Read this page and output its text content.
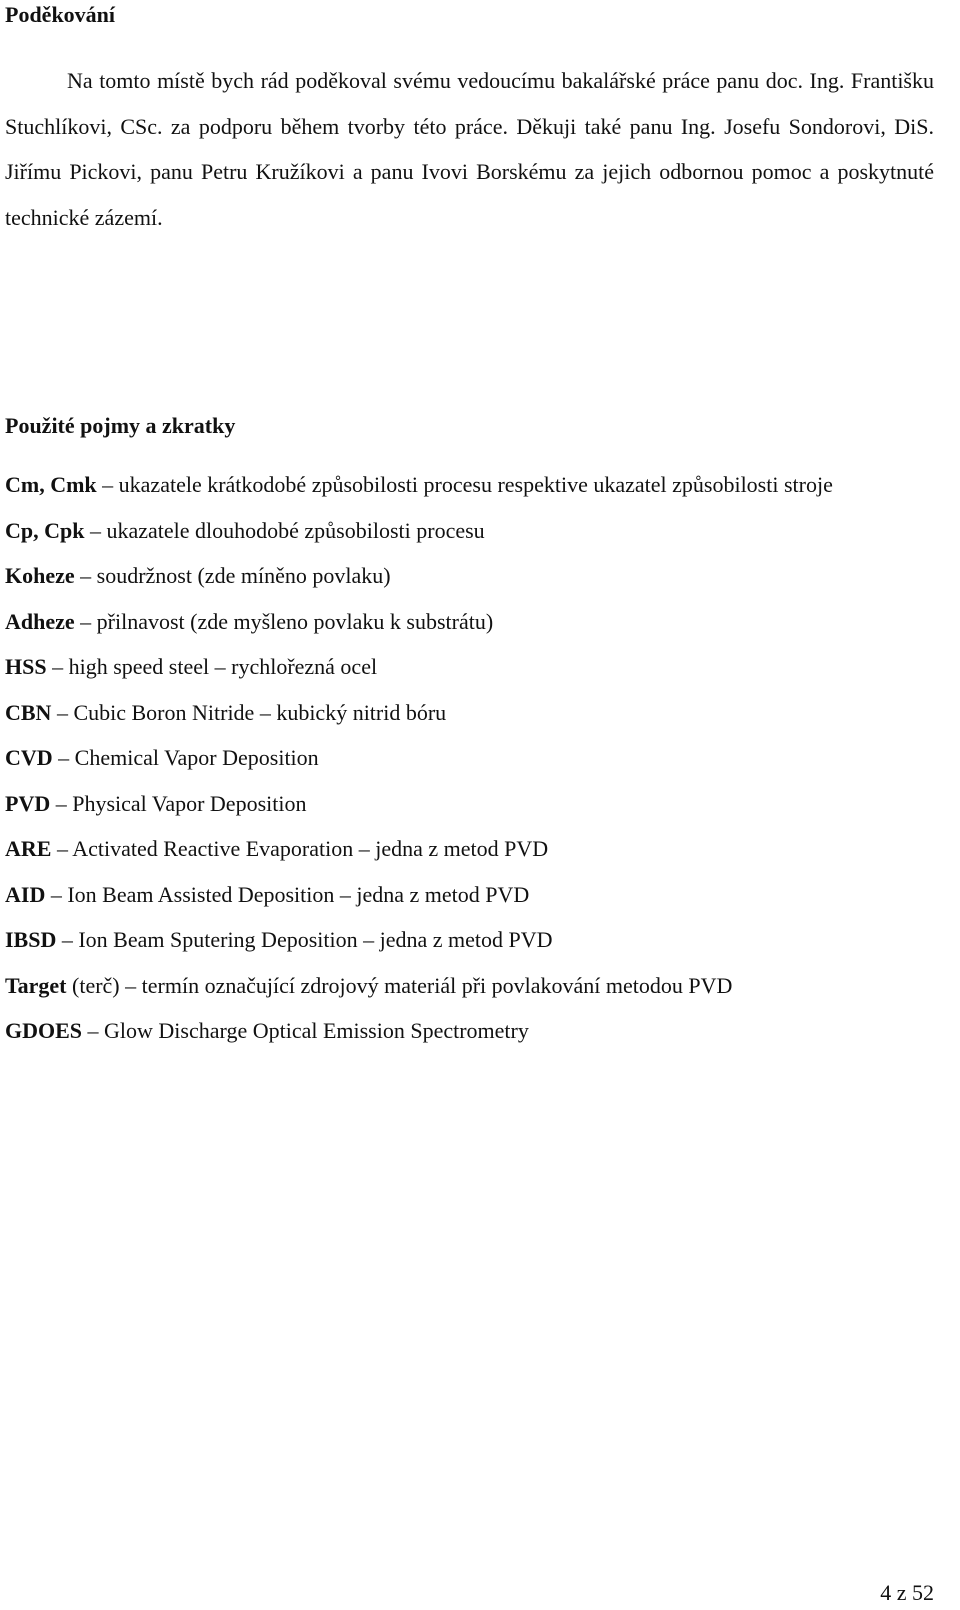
Poděkování

Na tomto místě bych rád poděkoval svému vedoucímu bakalářské práce panu doc. Ing. Františku Stuchlíkovi, CSc. za podporu během tvorby této práce. Děkuji také panu Ing. Josefu Sondorovi, DiS. Jiřímu Pickovi, panu Petru Kružíkovi a panu Ivovi Borskému za jejich odbornou pomoc a poskytnuté technické zázemí.

Použité pojmy a zkratky
Cm, Cmk – ukazatele krátkodobé způsobilosti procesu respektive ukazatel způsobilosti stroje
Cp, Cpk – ukazatele dlouhodobé způsobilosti procesu
Koheze – soudržnost (zde míněno povlaku)
Adheze – přilnavost (zde myšleno povlaku k substrátu)
HSS – high speed steel – rychlořezná ocel
CBN – Cubic Boron Nitride – kubický nitrid bóru
CVD – Chemical Vapor Deposition
PVD – Physical Vapor Deposition
ARE – Activated Reactive Evaporation – jedna z metod PVD
AID – Ion Beam Assisted Deposition – jedna z metod PVD
IBSD – Ion Beam Sputering Deposition – jedna z metod PVD
Target (terč) – termín označující zdrojový materiál při povlakování metodou PVD
GDOES – Glow Discharge Optical Emission Spectrometry
4 z 52
